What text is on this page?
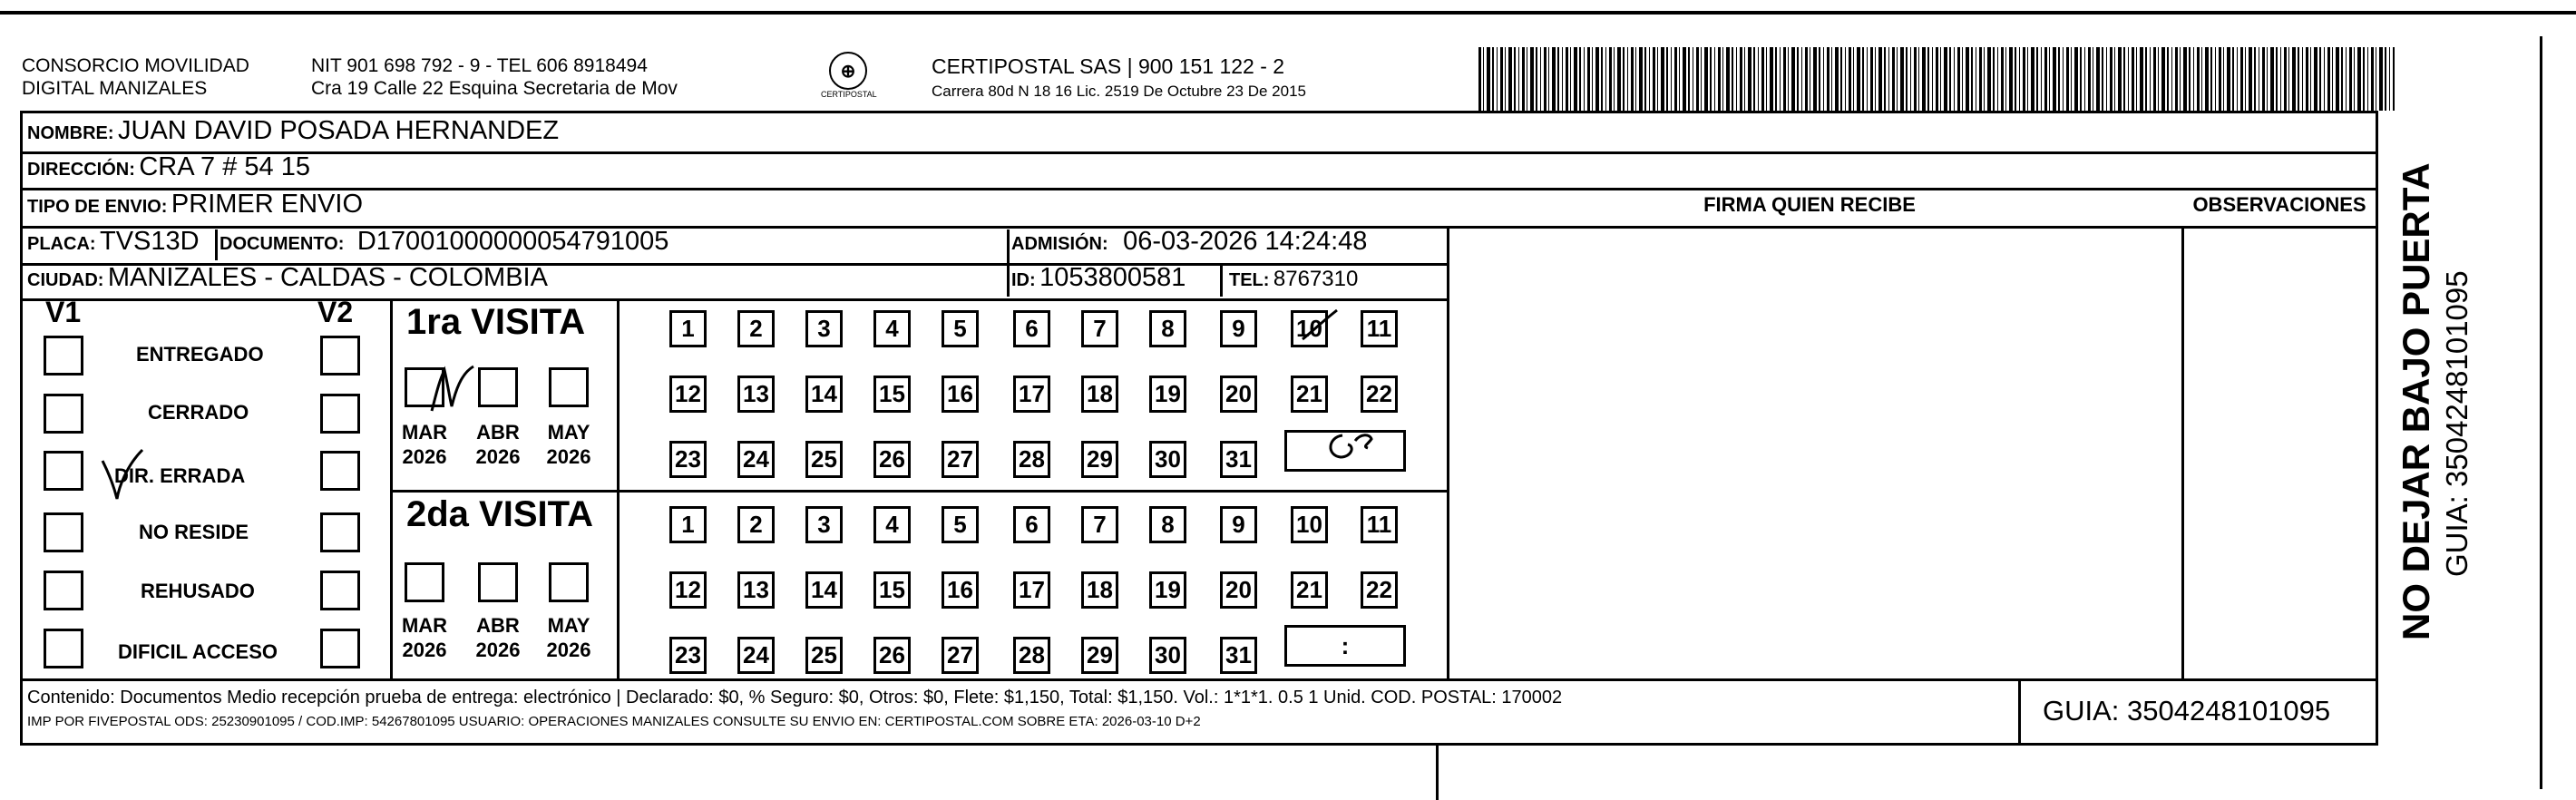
CONSORCIO MOVILIDAD
DIGITAL MANIZALES
NIT 901 698 792 - 9 - TEL 606 8918494
Cra 19 Calle 22 Esquina Secretaria de Mov
⊕
CERTIPOSTAL
CERTIPOSTAL SAS | 900 151 122 - 2
Carrera 80d N 18 16 Lic. 2519 De Octubre 23 De 2015
NOMBRE: JUAN DAVID POSADA HERNANDEZ
DIRECCIÓN: CRA 7 # 54 15
TIPO DE ENVIO: PRIMER ENVIO
PLACA: TVS13D DOCUMENTO: D17001000000054791005	ADMISIÓN: 06-03-2026 14:24:48
CIUDAD: MANIZALES - CALDAS - COLOMBIA	ID: 1053800581 TEL: 8767310
FIRMA QUIEN RECIBE	OBSERVACIONES
V1	V2
ENTREGADO
CERRADO
DIR. ERRADA
NO RESIDE
REHUSADO
DIFICIL ACCESO
1ra VISITA
MAR
2026
ABR
2026
MAY
2026
1	2	3	4	5	6	7	8	9	10 11
12 13 14 15 16 17 18 19 20 21 22
23 24 25 26 27 28 29 30 31
2da VISITA
MAR
2026
ABR
2026
MAY
2026
1	2	3	4	5	6	7	8	9	10 11
12 13 14 15 16 17 18 19 20 21 22
23 24 25 26 27 28 29 30 31	:
Contenido: Documentos Medio recepción prueba de entrega: electrónico | Declarado: $0, % Seguro: $0, Otros: $0, Flete: $1,150, Total: $1,150. Vol.: 1*1*1. 0.5 1 Unid. COD. POSTAL: 170002
IMP POR FIVEPOSTAL ODS: 25230901095 / COD.IMP: 54267801095 USUARIO: OPERACIONES MANIZALES CONSULTE SU ENVIO EN: CERTIPOSTAL.COM SOBRE ETA: 2026-03-10 D+2	GUIA: 3504248101095
NO DEJAR BAJO PUERTA GUIA: 3504248101095
